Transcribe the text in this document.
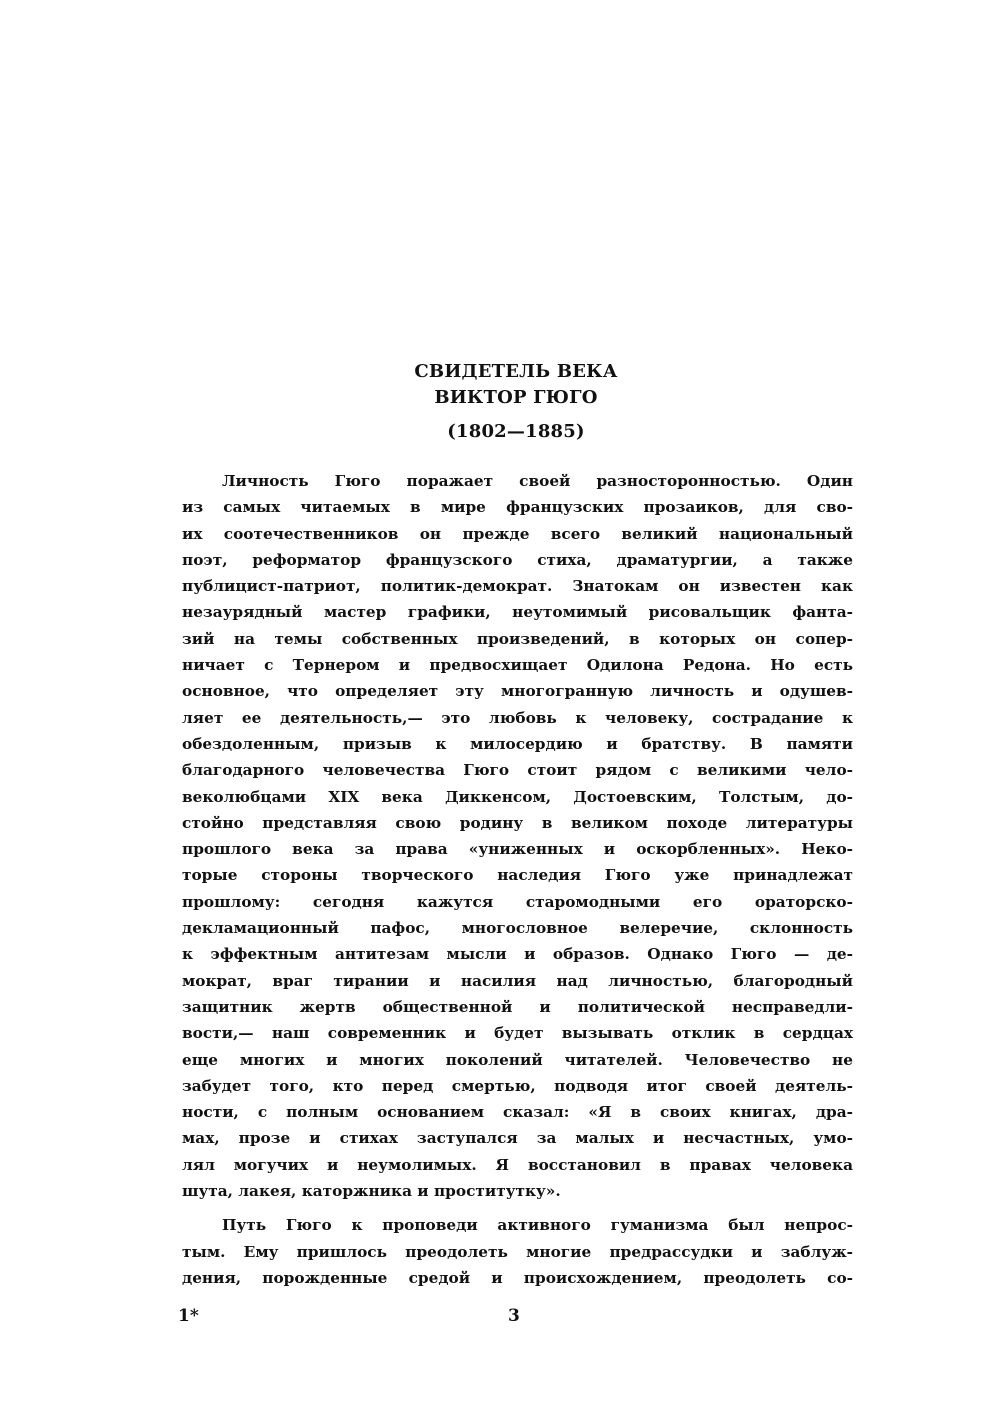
СВИДЕТЕЛЬ ВЕКА
ВИКТОР ГЮГО
(1802—1885)
Личность Гюго поражает своей разносторонностью. Один
из самых читаемых в мире французских прозаиков, для сво-
их соотечественников он прежде всего великий национальный
поэт, реформатор французского стиха, драматургии, а также
публицист-патриот, политик-демократ. Знатокам он известен как
незаурядный мастер графики, неутомимый рисовальщик фанта-
зий на темы собственных произведений, в которых он сопер-
ничает с Тернером и предвосхищает Одилона Редона. Но есть
основное, что определяет эту многогранную личность и одушев-
ляет ее деятельность,— это любовь к человеку, сострадание к
обездоленным, призыв к милосердию и братству. В памяти
благодарного человечества Гюго стоит рядом с великими чело-
веколюбцами XIX века Диккенсом, Достоевским, Толстым, до-
стойно представляя свою родину в великом походе литературы
прошлого века за права «униженных и оскорбленных». Неко-
торые стороны творческого наследия Гюго уже принадлежат
прошлому: сегодня кажутся старомодными его ораторско-
декламационный пафос, многословное велеречие, склонность
к эффектным антитезам мысли и образов. Однако Гюго — де-
мократ, враг тирании и насилия над личностью, благородный
защитник жертв общественной и политической несправедли-
вости,— наш современник и будет вызывать отклик в сердцах
еще многих и многих поколений читателей. Человечество не
забудет того, кто перед смертью, подводя итог своей деятель-
ности, с полным основанием сказал: «Я в своих книгах, дра-
мах, прозе и стихах заступался за малых и несчастных, умо-
лял могучих и неумолимых. Я восстановил в правах человека
шута, лакея, каторжника и проститутку».
Путь Гюго к проповеди активного гуманизма был непрос-
тым. Ему пришлось преодолеть многие предрассудки и заблуж-
дения, порожденные средой и происхождением, преодолеть со-
1*	3
